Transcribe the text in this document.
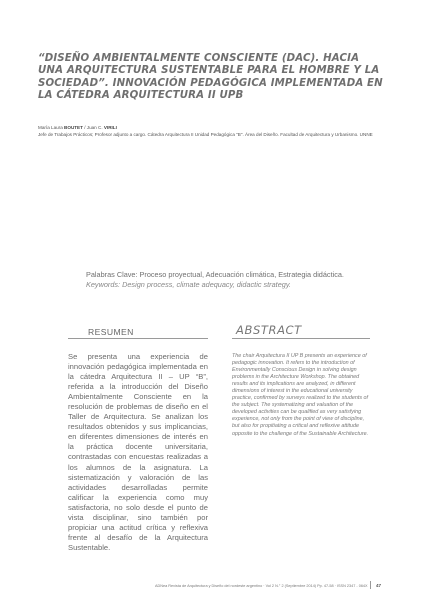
“DISEÑO AMBIENTALMENTE CONSCIENTE (DAC). HACIA UNA ARQUITECTURA SUSTENTABLE PARA EL HOMBRE Y LA SOCIEDAD”. INNOVACIÓN PEDAGÓGICA IMPLEMENTADA EN LA CÁTEDRA ARQUITECTURA II UPB
María Laura BOUTET / Juan C. VIRILI
Jefe de Trabajos Prácticos; Profesor adjunto a cargo. Cátedra Arquitectura II Unidad Pedagógica "B". Área del Diseño. Facultad de Arquitectura y Urbanismo. UNNE
Palabras Clave: Proceso proyectual, Adecuación climática, Estrategia didáctica.
Keywords: Design process, climate adequacy, didactic strategy.
RESUMEN
Se presenta una experiencia de innovación pedagógica implementada en la cátedra Arquitectura II – UP “B”, referida a la introducción del Diseño Ambientalmente Consciente en la resolución de problemas de diseño en el Taller de Arquitectura. Se analizan los resultados obtenidos y sus implicancias, en diferentes dimensiones de interés en la práctica docente universitaria, contrastadas con encuestas realizadas a los alumnos de la asignatura. La sistematización y valoración de las actividades desarrolladas permite calificar la experiencia como muy satisfactoria, no solo desde el punto de vista disciplinar, sino también por propiciar una actitud crítica y reflexiva frente al desafío de la Arquitectura Sustentable.
ABSTRACT
The chair Arquitectura II UP B presents an experience of pedagogic innovation. It refers to the introduction of Environmentally Conscious Design in solving design problems in the Architecture Workshop. The obtained results and its implications are analyzed, in different dimensions of interest in the educational university practice, confirmed by surveys realized to the students of the subject. The systematizing and valuation of the developed activities can be qualified as very satisfying experience, not only from the point of view of discipline, but also for propitiating a critical and reflexive attitude opposite to the challenge of the Sustainable Architecture.
ADNea Revista de Arquitectura y Diseño del nordeste argentino · Vol 2 N.° 2 (Septiembre 2014) Pp. 47-58 · ISSN 2347 - 064X	47
